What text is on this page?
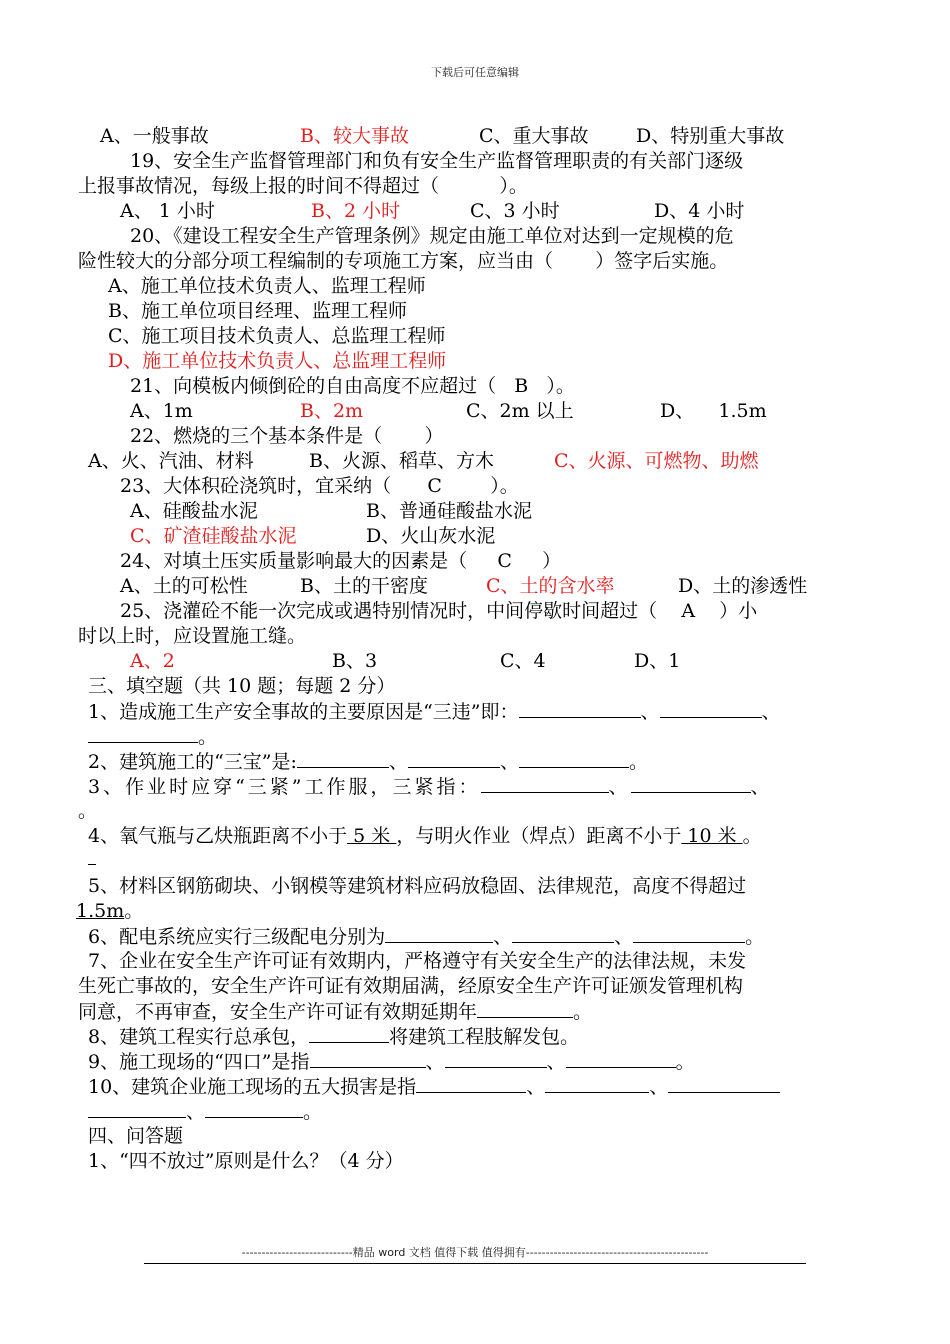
下载后可任意编辑
A、一般事故	B、较大事故	C、重大事故 D、特别重大事故
19、安全生产监督管理部门和负有安全生产监督管理职责的有关部门逐级
上报事故情况，每级上报的时间不得超过（          ）。
A、 1 小时	B、2 小时	C、3 小时	D、4 小时
20、《建设工程安全生产管理条例》规定由施工单位对达到一定规模的危
险性较大的分部分项工程编制的专项施工方案，应当由（       ）签字后实施。
A、施工单位技术负责人、监理工程师
B、施工单位项目经理、监理工程师
C、施工项目技术负责人、总监理工程师
D、施工单位技术负责人、总监理工程师
21、向模板内倾倒砼的自由高度不应超过（   B   ）。
A、1m	B、2m	C、2m 以上	D、    1.5m
22、燃烧的三个基本条件是（       ）
A、火、汽油、材料	B、火源、稻草、方木	C、火源、可燃物、助燃
23、大体积砼浇筑时，宜采纳（      C        ）。
A、硅酸盐水泥	B、普通硅酸盐水泥
C、矿渣硅酸盐水泥	D、火山灰水泥
24、对填土压实质量影响最大的因素是（     C     ）
A、土的可松性	B、土的干密度	C、土的含水率	D、土的渗透性
25、浇灌砼不能一次完成或遇特别情况时，中间停歇时间超过（    A    ）小
时以上时，应设置施工缝。
A、2	B、3	C、4	D、1
三、填空题（共 10 题；每题 2 分）
1、造成施工生产安全事故的主要原因是“三违”即：	、	、
。
2、建筑施工的“三宝”是:	、	、	。
3、作业时应穿“三紧”工作服，三紧指：	、	、
。
4、氧气瓶与乙炔瓶距离不小于 5 米 ，与明火作业（焊点）距离不小于 10 米 。
5、材料区钢筋砌块、小钢模等建筑材料应码放稳固、法律规范，高度不得超过
1.5m。
6、配电系统应实行三级配电分别为	、	、	。
7、企业在安全生产许可证有效期内，严格遵守有关安全生产的法律法规，未发
生死亡事故的，安全生产许可证有效期届满，经原安全生产许可证颁发管理机构
同意，不再审查，安全生产许可证有效期延期年	。
8、建筑工程实行总承包，	将建筑工程肢解发包。
9、施工现场的“四口”是指	、	、	。
10、建筑企业施工现场的五大损害是指	、	、
、	。
四、问答题
1、“四不放过”原则是什么？（4 分）
----------------------------精品 word 文档 值得下载 值得拥有----------------------------------------------
